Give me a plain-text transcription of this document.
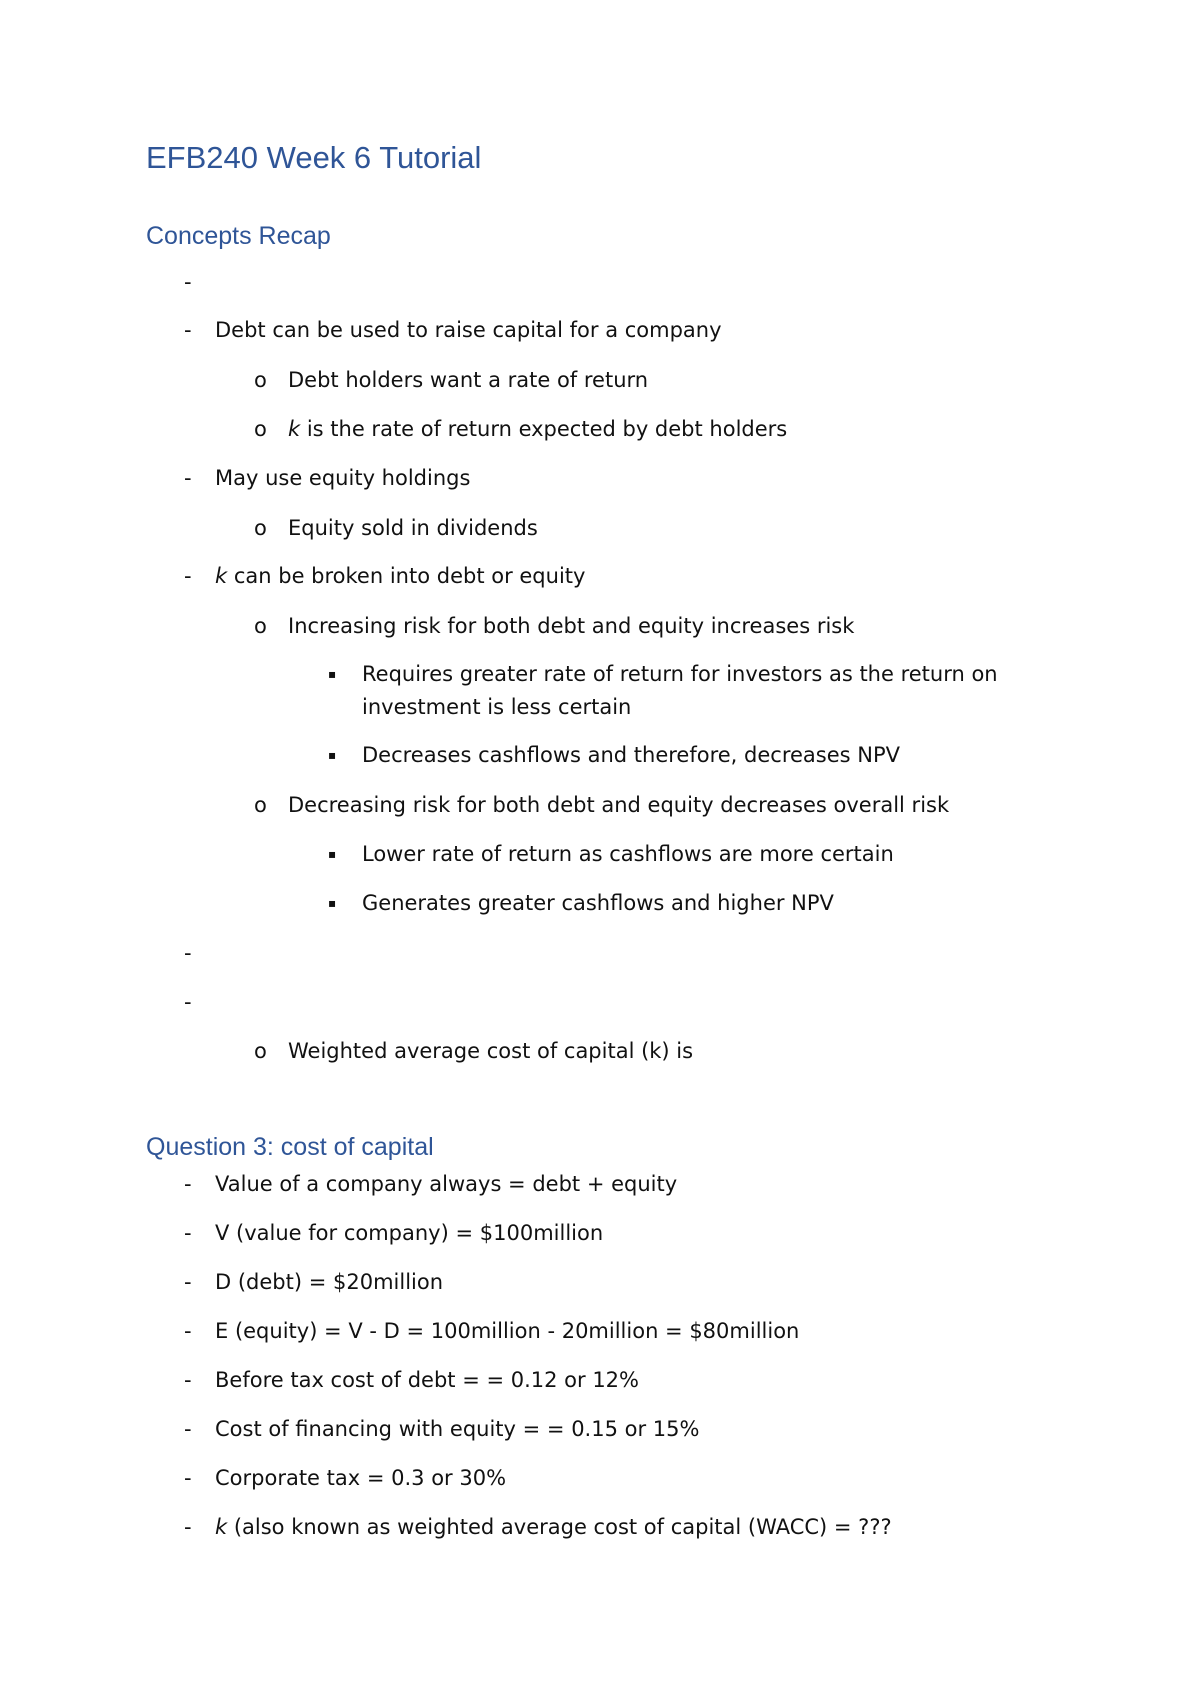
EFB240 Week 6 Tutorial
Concepts Recap
-
- Debt can be used to raise capital for a company
o Debt holders want a rate of return
o k is the rate of return expected by debt holders
- May use equity holdings
o Equity sold in dividends
- k can be broken into debt or equity
o Increasing risk for both debt and equity increases risk
▪ Requires greater rate of return for investors as the return on
investment is less certain
▪ Decreases cashflows and therefore, decreases NPV
o Decreasing risk for both debt and equity decreases overall risk
▪ Lower rate of return as cashflows are more certain
▪ Generates greater cashflows and higher NPV
-
-
o Weighted average cost of capital (k) is
Question 3: cost of capital
- Value of a company always = debt + equity
- V (value for company) = $100million
- D (debt) = $20million
- E (equity) = V - D = 100million - 20million = $80million
- Before tax cost of debt = = 0.12 or 12%
- Cost of financing with equity = = 0.15 or 15%
- Corporate tax = 0.3 or 30%
- k (also known as weighted average cost of capital (WACC) = ???
